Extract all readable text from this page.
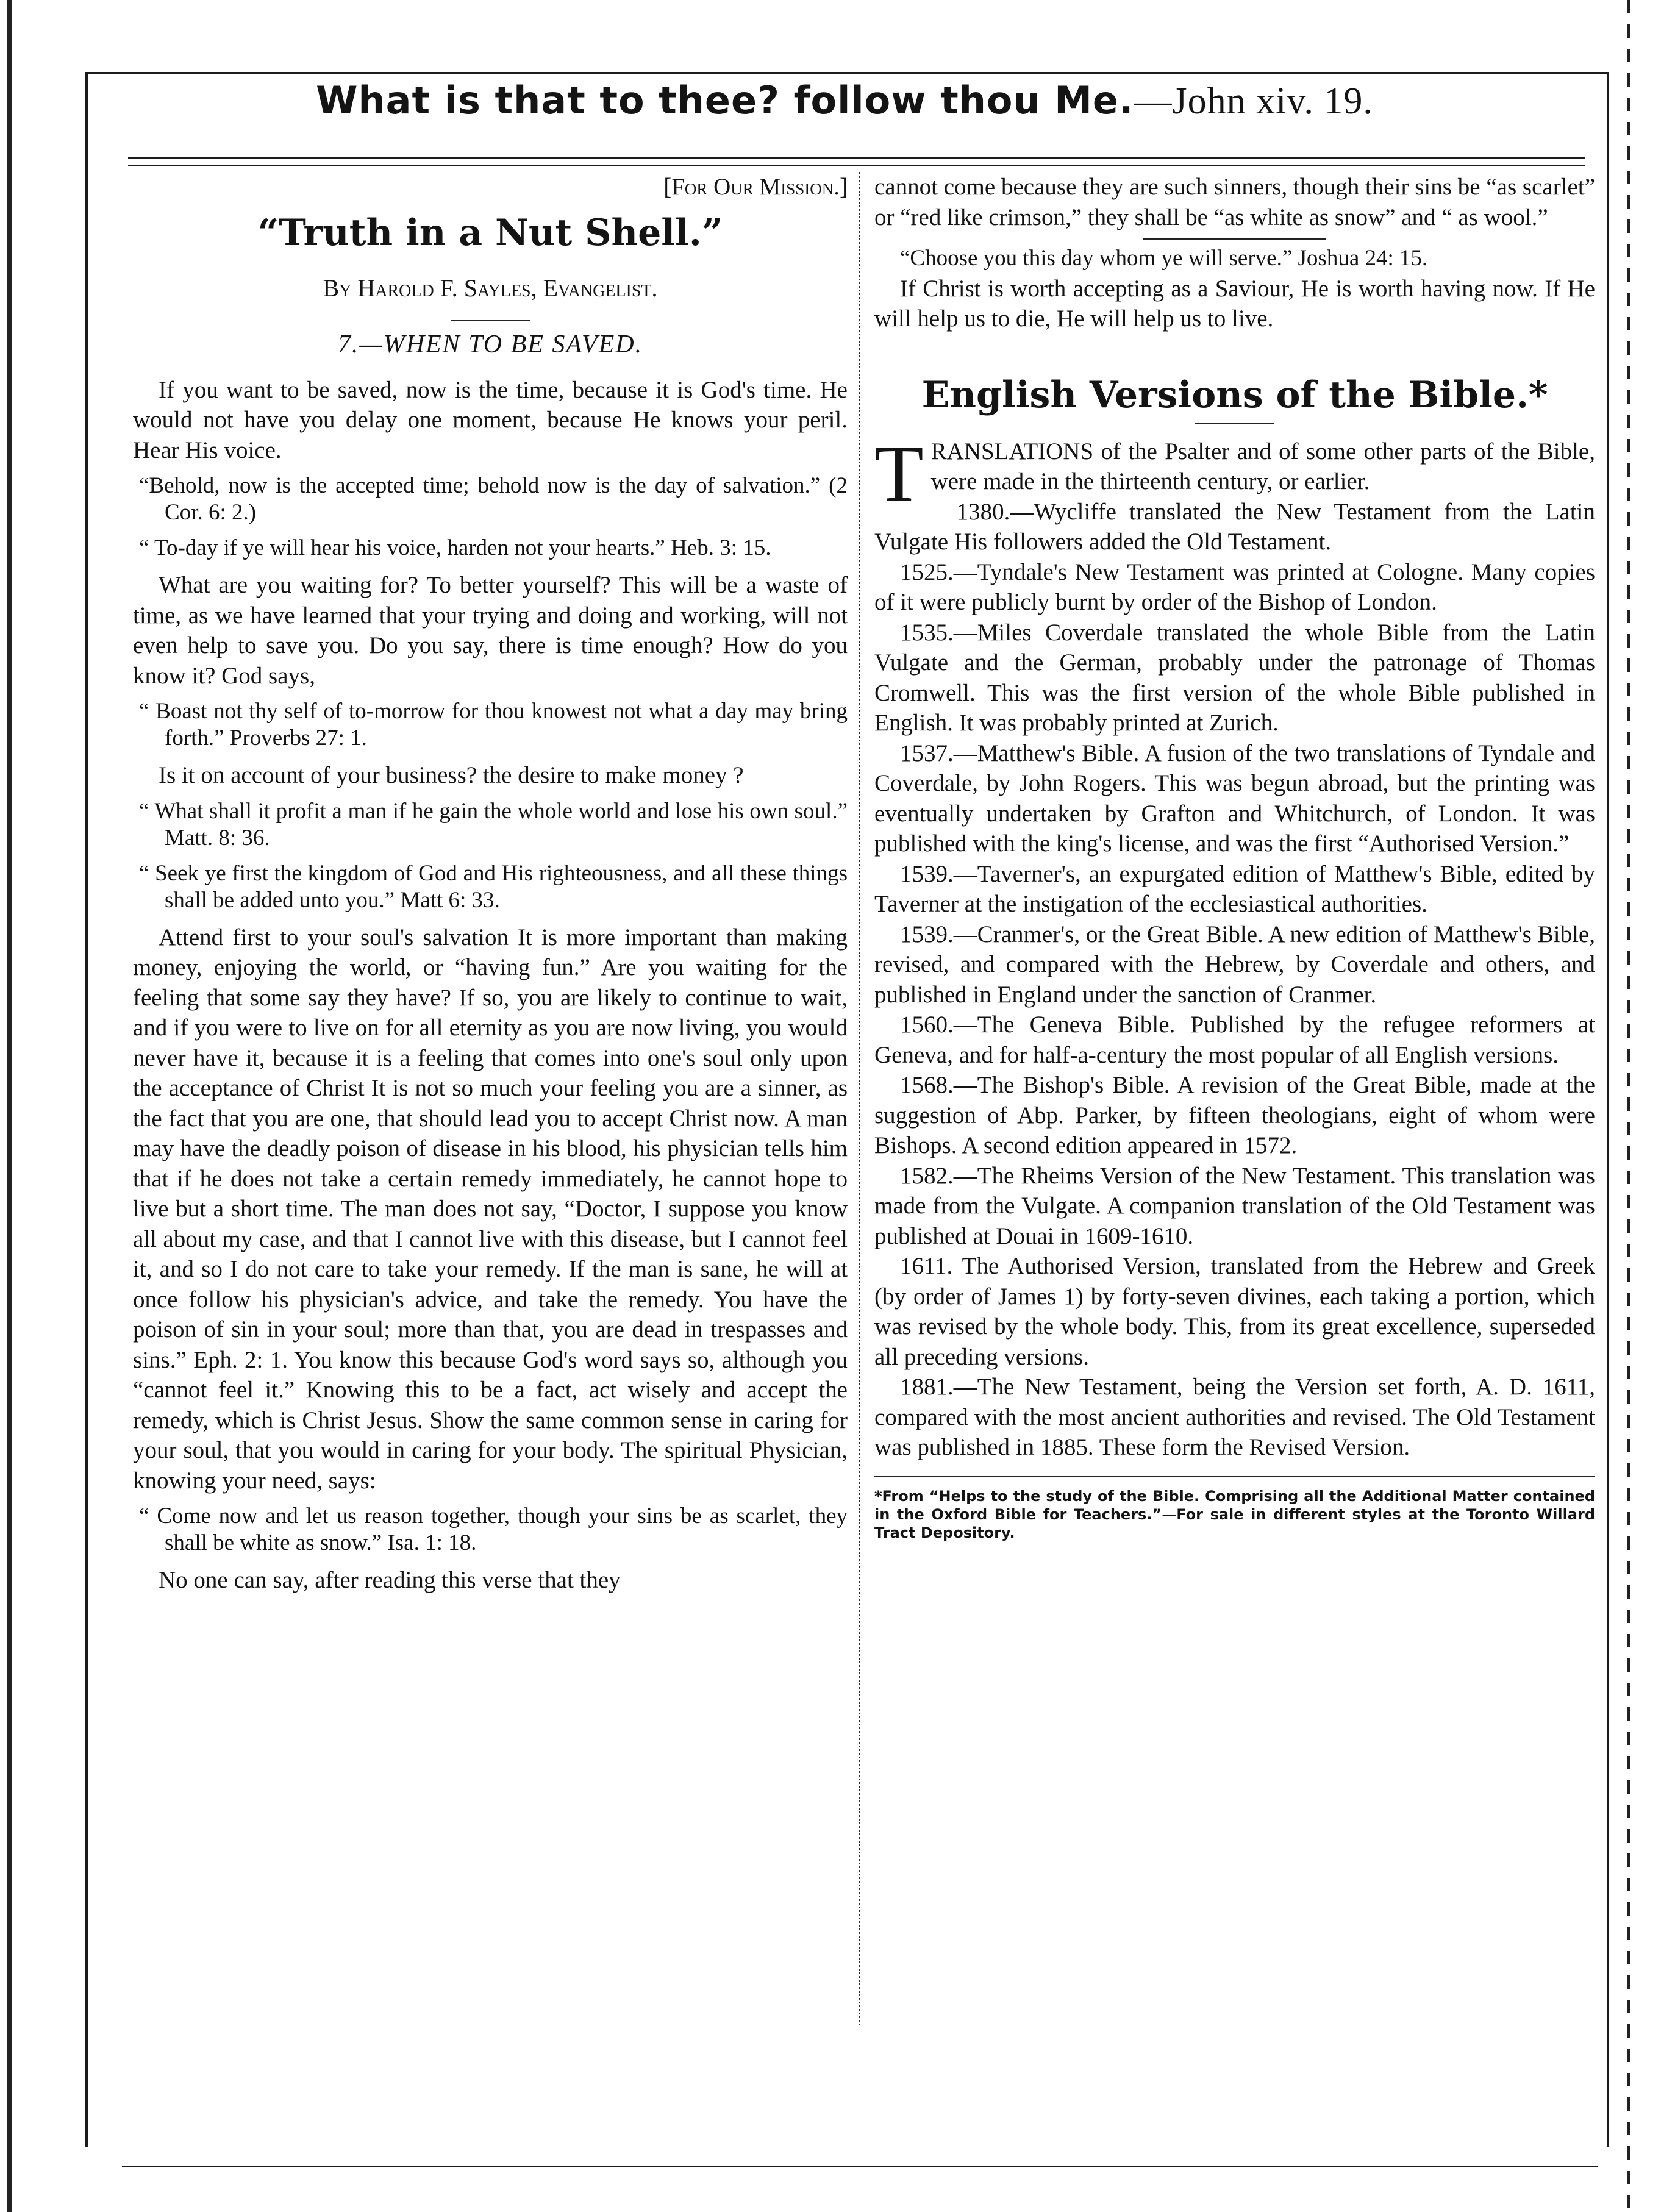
What is that to thee? follow thou Me.—John xiv. 19.

[For Our Mission.]

“Truth in a Nut Shell.”

By Harold F. Sayles, Evangelist.

7.—WHEN TO BE SAVED.

If you want to be saved, now is the time, because it is God's time. He would not have you delay one moment, because He knows your peril. Hear His voice.

“Behold, now is the accepted time; behold now is the day of salvation.” (2 Cor. 6: 2.)

“ To-day if ye will hear his voice, harden not your hearts.” Heb. 3: 15.

What are you waiting for? To better yourself? This will be a waste of time, as we have learned that your trying and doing and working, will not even help to save you. Do you say, there is time enough? How do you know it? God says,

“ Boast not thy self of to-morrow for thou knowest not what a day may bring forth.” Proverbs 27: 1.

Is it on account of your business? the desire to make money ?

“ What shall it profit a man if he gain the whole world and lose his own soul.” Matt. 8: 36.

“ Seek ye first the kingdom of God and His righteousness, and all these things shall be added unto you.” Matt 6: 33.

Attend first to your soul's salvation It is more important than making money, enjoying the world, or “having fun.” Are you waiting for the feeling that some say they have? If so, you are likely to continue to wait, and if you were to live on for all eternity as you are now living, you would never have it, because it is a feeling that comes into one's soul only upon the acceptance of Christ It is not so much your feeling you are a sinner, as the fact that you are one, that should lead you to accept Christ now. A man may have the deadly poison of disease in his blood, his physician tells him that if he does not take a certain remedy immediately, he cannot hope to live but a short time. The man does not say, “Doctor, I suppose you know all about my case, and that I cannot live with this disease, but I cannot feel it, and so I do not care to take your remedy. If the man is sane, he will at once follow his physician's advice, and take the remedy. You have the poison of sin in your soul; more than that, you are dead in trespasses and sins.” Eph. 2: 1. You know this because God's word says so, although you “cannot feel it.” Knowing this to be a fact, act wisely and accept the remedy, which is Christ Jesus. Show the same common sense in caring for your soul, that you would in caring for your body. The spiritual Physician, knowing your need, says:

“ Come now and let us reason together, though your sins be as scarlet, they shall be white as snow.” Isa. 1: 18.

No one can say, after reading this verse that they

cannot come because they are such sinners, though their sins be “as scarlet” or “red like crimson,” they shall be “as white as snow” and “ as wool.”

“Choose you this day whom ye will serve.” Joshua 24: 15.

If Christ is worth accepting as a Saviour, He is worth having now. If He will help us to die, He will help us to live.

English Versions of the Bible.*

TRANSLATIONS of the Psalter and of some other parts of the Bible, were made in the thirteenth century, or earlier.

1380.—Wycliffe translated the New Testament from the Latin Vulgate His followers added the Old Testament.

1525.—Tyndale's New Testament was printed at Cologne. Many copies of it were publicly burnt by order of the Bishop of London.

1535.—Miles Coverdale translated the whole Bible from the Latin Vulgate and the German, probably under the patronage of Thomas Cromwell. This was the first version of the whole Bible published in English. It was probably printed at Zurich.

1537.—Matthew's Bible. A fusion of the two translations of Tyndale and Coverdale, by John Rogers. This was begun abroad, but the printing was eventually undertaken by Grafton and Whitchurch, of London. It was published with the king's license, and was the first “Authorised Version.”

1539.—Taverner's, an expurgated edition of Matthew's Bible, edited by Taverner at the instigation of the ecclesiastical authorities.

1539.—Cranmer's, or the Great Bible. A new edition of Matthew's Bible, revised, and compared with the Hebrew, by Coverdale and others, and published in England under the sanction of Cranmer.

1560.—The Geneva Bible. Published by the refugee reformers at Geneva, and for half-a-century the most popular of all English versions.

1568.—The Bishop's Bible. A revision of the Great Bible, made at the suggestion of Abp. Parker, by fifteen theologians, eight of whom were Bishops. A second edition appeared in 1572.

1582.—The Rheims Version of the New Testament. This translation was made from the Vulgate. A companion translation of the Old Testament was published at Douai in 1609-1610.

1611. The Authorised Version, translated from the Hebrew and Greek (by order of James 1) by forty-seven divines, each taking a portion, which was revised by the whole body. This, from its great excellence, superseded all preceding versions.

1881.—The New Testament, being the Version set forth, A. D. 1611, compared with the most ancient authorities and revised. The Old Testament was published in 1885. These form the Revised Version.

*From “Helps to the study of the Bible. Comprising all the Additional Matter contained in the Oxford Bible for Teachers.”—For sale in different styles at the Toronto Willard Tract Depository.
